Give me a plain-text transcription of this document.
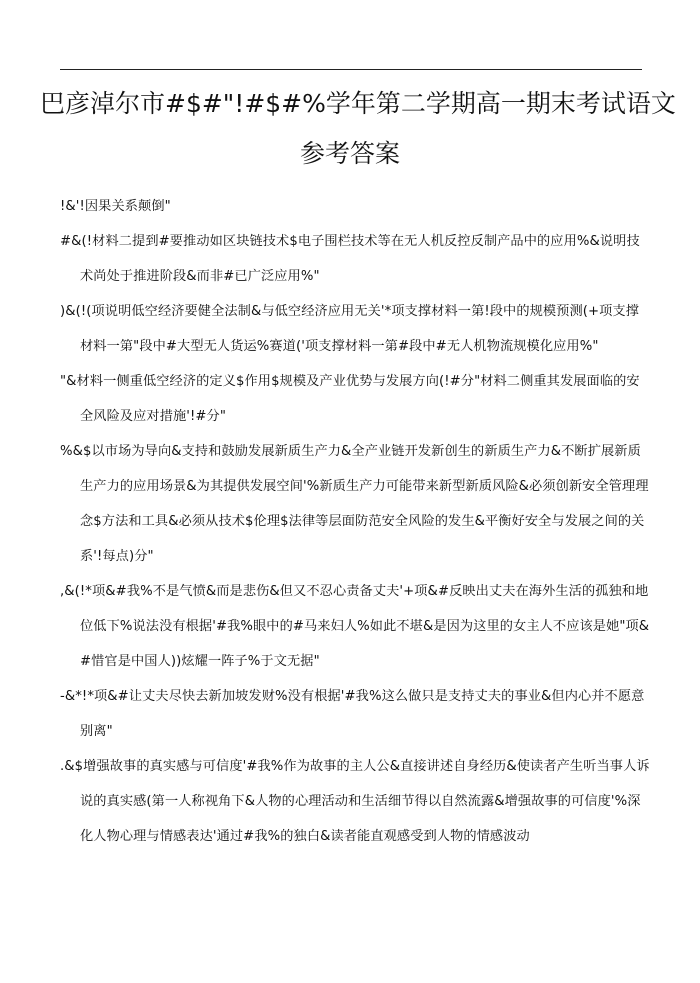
巴彦淖尔市#$#"!#$#%学年第二学期高一期末考试语文
参考答案
!&'!因果关系颠倒"
#&(!材料二提到#要推动如区块链技术$电子围栏技术等在无人机反控反制产品中的应用%&说明技术尚处于推进阶段&而非#已广泛应用%"
)&(!(项说明低空经济要健全法制&与低空经济应用无关'*项支撑材料一第!段中的规模预测(+项支撑材料一第"段中#大型无人货运%赛道('项支撑材料一第#段中#无人机物流规模化应用%"
"&材料一侧重低空经济的定义$作用$规模及产业优势与发展方向(!#分"材料二侧重其发展面临的安全风险及应对措施'!#分"
%&$以市场为导向&支持和鼓励发展新质生产力&全产业链开发新创生的新质生产力&不断扩展新质生产力的应用场景&为其提供发展空间'%新质生产力可能带来新型新质风险&必须创新安全管理理念$方法和工具&必须从技术$伦理$法律等层面防范安全风险的发生&平衡好安全与发展之间的关系'!每点)分"
,&(!*项&#我%不是气愤&而是悲伤&但又不忍心责备丈夫'+项&#反映出丈夫在海外生活的孤独和地位低下%说法没有根据'#我%眼中的#马来妇人%如此不堪&是因为这里的女主人不应该是她"项&#惜官是中国人))炫耀一阵子%于文无据"
-&*!*项&#让丈夫尽快去新加坡发财%没有根据'#我%这么做只是支持丈夫的事业&但内心并不愿意别离"
.&$增强故事的真实感与可信度'#我%作为故事的主人公&直接讲述自身经历&使读者产生听当事人诉说的真实感(第一人称视角下&人物的心理活动和生活细节得以自然流露&增强故事的可信度'%深化人物心理与情感表达'通过#我%的独白&读者能直观感受到人物的情感波动
